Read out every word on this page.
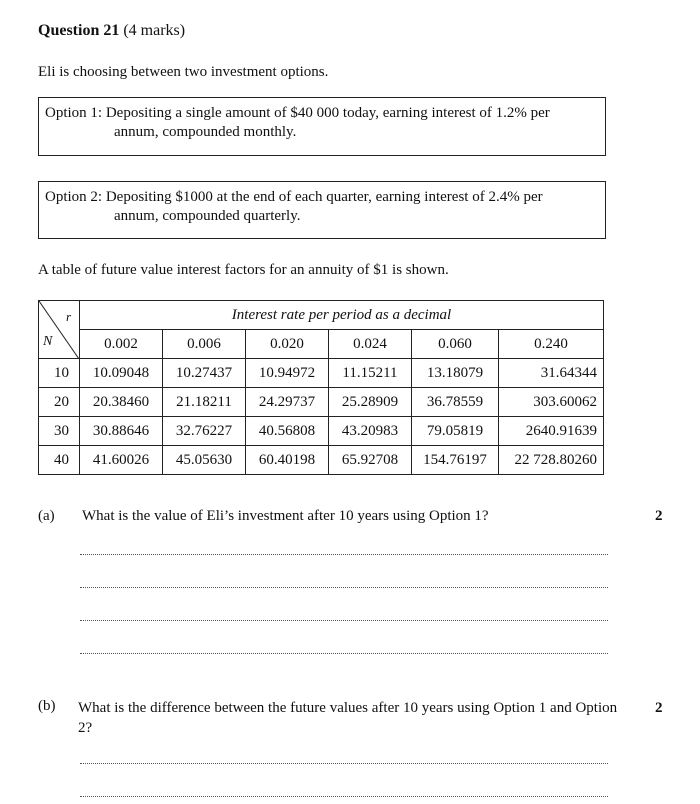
Question 21 (4 marks)
Eli is choosing between two investment options.
Option 1: Depositing a single amount of $40 000 today, earning interest of 1.2% per
annum, compounded monthly.
Option 2: Depositing $1000 at the end of each quarter, earning interest of 2.4% per
annum, compounded quarterly.
A table of future value interest factors for an annuity of $1 is shown.
r
N	Interest rate per period as a decimal					
	0.002	0.006	0.020	0.024	0.060	0.240
10	10.09048	10.27437	10.94972	11.15211	13.18079	31.64344
20	20.38460	21.18211	24.29737	25.28909	36.78559	303.60062
30	30.88646	32.76227	40.56808	43.20983	79.05819	2640.91639
40	41.60026	45.05630	60.40198	65.92708	154.76197	22 728.80260
(a) What is the value of Eli’s investment after 10 years using Option 1?	2
(b) What is the difference between the future values after 10 years using Option 1 and Option 2?
2
